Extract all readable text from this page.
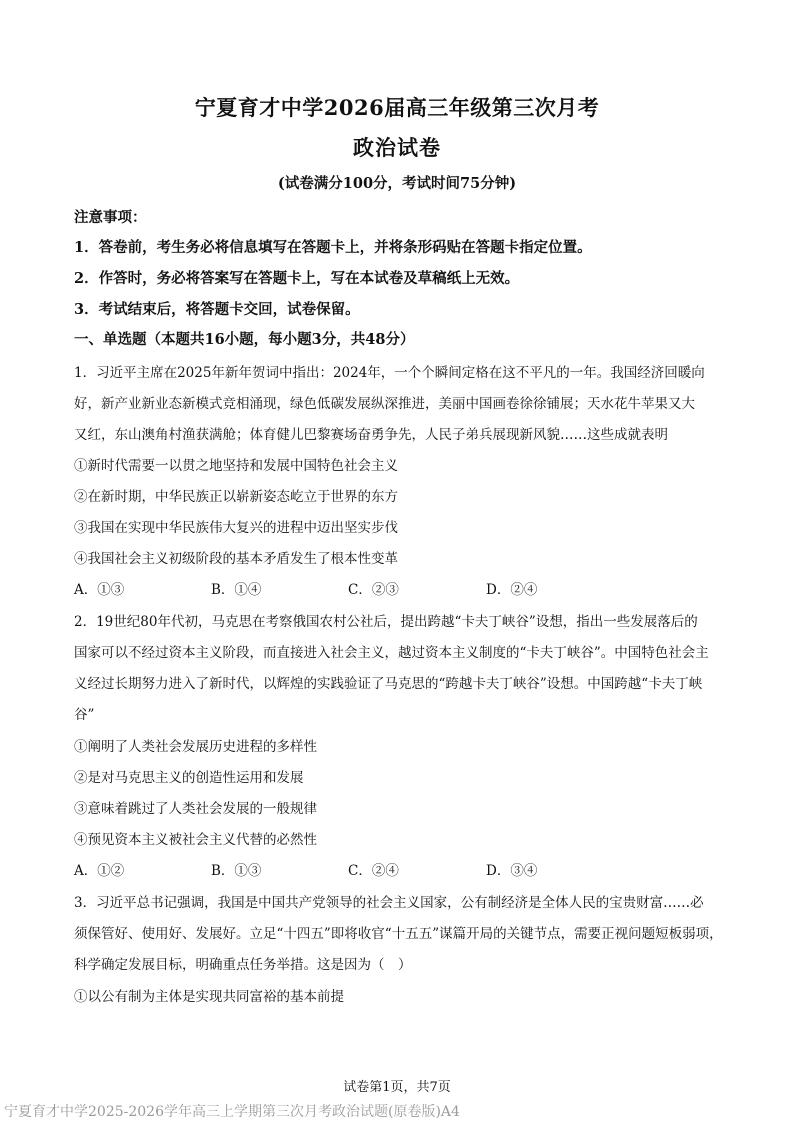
宁夏育才中学2026届高三年级第三次月考
政治试卷
(试卷满分100分，考试时间75分钟)
注意事项：
1．答卷前，考生务必将信息填写在答题卡上，并将条形码贴在答题卡指定位置。
2．作答时，务必将答案写在答题卡上，写在本试卷及草稿纸上无效。
3．考试结束后，将答题卡交回，试卷保留。
一、单选题（本题共16小题，每小题3分，共48分）
1．习近平主席在2025年新年贺词中指出：2024年，一个个瞬间定格在这不平凡的一年。我国经济回暖向
好，新产业新业态新模式竞相涌现，绿色低碳发展纵深推进，美丽中国画卷徐徐铺展；天水花牛苹果又大
又红，东山澳角村渔获满舱；体育健儿巴黎赛场奋勇争先，人民子弟兵展现新风貌……这些成就表明
①新时代需要一以贯之地坚持和发展中国特色社会主义
②在新时期，中华民族正以崭新姿态屹立于世界的东方
③我国在实现中华民族伟大复兴的进程中迈出坚实步伐
④我国社会主义初级阶段的基本矛盾发生了根本性变革
A．①③	B．①④	C．②③	D．②④
2．19世纪80年代初，马克思在考察俄国农村公社后，提出跨越“卡夫丁峡谷”设想，指出一些发展落后的
国家可以不经过资本主义阶段，而直接进入社会主义，越过资本主义制度的“卡夫丁峡谷”。中国特色社会主
义经过长期努力进入了新时代，以辉煌的实践验证了马克思的“跨越卡夫丁峡谷”设想。中国跨越“卡夫丁峡
谷”
①阐明了人类社会发展历史进程的多样性
②是对马克思主义的创造性运用和发展
③意味着跳过了人类社会发展的一般规律
④预见资本主义被社会主义代替的必然性
A．①②	B．①③	C．②④	D．③④
3．习近平总书记强调，我国是中国共产党领导的社会主义国家，公有制经济是全体人民的宝贵财富……必
须保管好、使用好、发展好。立足“十四五”即将收官“十五五”谋篇开局的关键节点，需要正视问题短板弱项，
科学确定发展目标，明确重点任务举措。这是因为（　）
①以公有制为主体是实现共同富裕的基本前提
试卷第1页，共7页
宁夏育才中学2025-2026学年高三上学期第三次月考政治试题(原卷版)A4
